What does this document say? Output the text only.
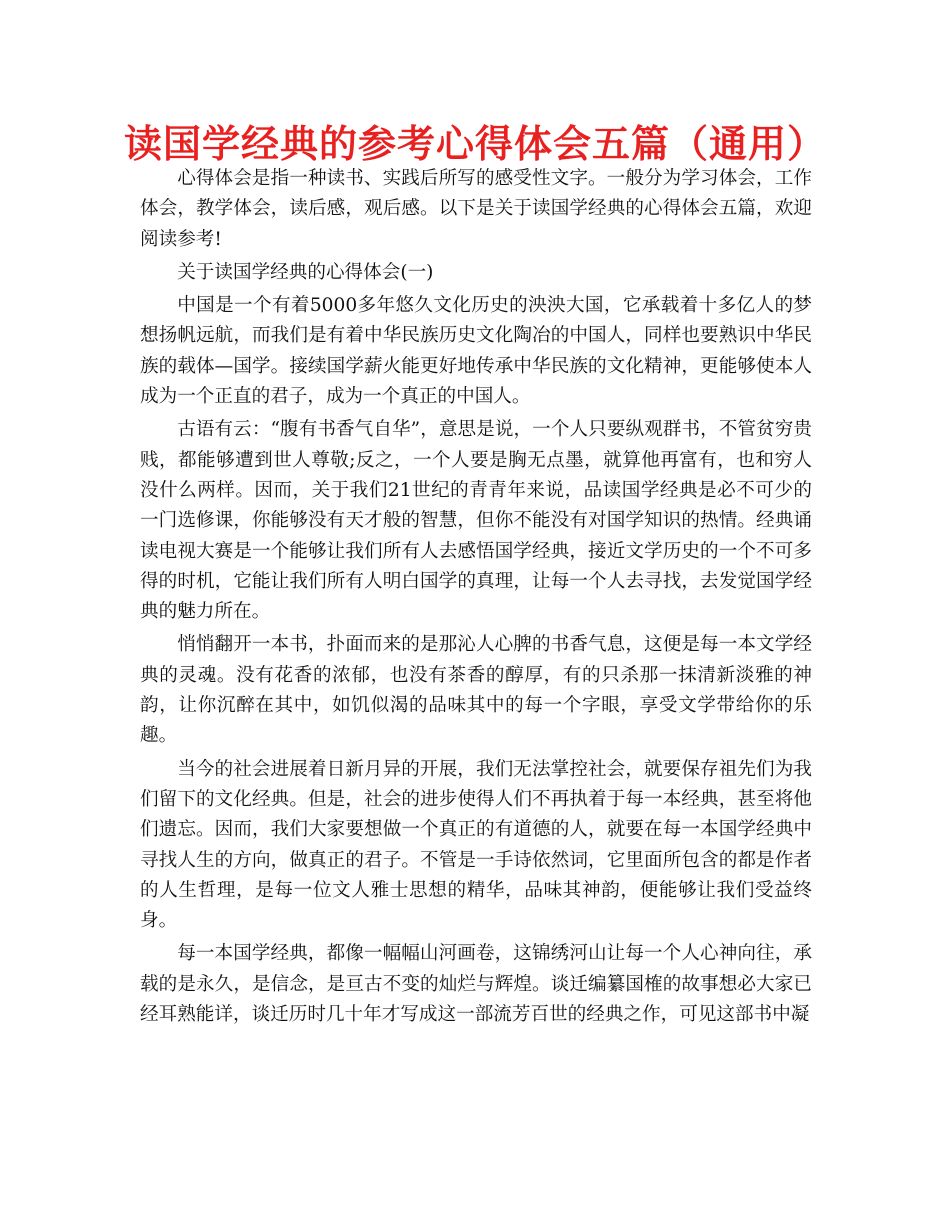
读国学经典的参考心得体会五篇（通用）

心得体会是指一种读书、实践后所写的感受性文字。一般分为学习体会，工作体会，教学体会，读后感，观后感。以下是关于读国学经典的心得体会五篇，欢迎阅读参考!

关于读国学经典的心得体会(一)

中国是一个有着5000多年悠久文化历史的泱泱大国，它承载着十多亿人的梦想扬帆远航，而我们是有着中华民族历史文化陶冶的中国人，同样也要熟识中华民族的载体—国学。接续国学薪火能更好地传承中华民族的文化精神，更能够使本人成为一个正直的君子，成为一个真正的中国人。

古语有云：“腹有书香气自华”，意思是说，一个人只要纵观群书，不管贫穷贵贱，都能够遭到世人尊敬;反之，一个人要是胸无点墨，就算他再富有，也和穷人没什么两样。因而，关于我们21世纪的青青年来说，品读国学经典是必不可少的一门选修课，你能够没有天才般的智慧，但你不能没有对国学知识的热情。经典诵读电视大赛是一个能够让我们所有人去感悟国学经典，接近文学历史的一个不可多得的时机，它能让我们所有人明白国学的真理，让每一个人去寻找，去发觉国学经典的魅力所在。

悄悄翻开一本书，扑面而来的是那沁人心脾的书香气息，这便是每一本文学经典的灵魂。没有花香的浓郁，也没有茶香的醇厚，有的只杀那一抹清新淡雅的神韵，让你沉醉在其中，如饥似渴的品味其中的每一个字眼，享受文学带给你的乐趣。

当今的社会进展着日新月异的开展，我们无法掌控社会，就要保存祖先们为我们留下的文化经典。但是，社会的进步使得人们不再执着于每一本经典，甚至将他们遗忘。因而，我们大家要想做一个真正的有道德的人，就要在每一本国学经典中寻找人生的方向，做真正的君子。不管是一手诗依然词，它里面所包含的都是作者的人生哲理，是每一位文人雅士思想的精华，品味其神韵，便能够让我们受益终身。

每一本国学经典，都像一幅幅山河画卷，这锦绣河山让每一个人心神向往，承载的是永久，是信念，是亘古不变的灿烂与辉煌。谈迁编纂国榷的故事想必大家已经耳熟能详，谈迁历时几十年才写成这一部流芳百世的经典之作，可见这部书中凝
